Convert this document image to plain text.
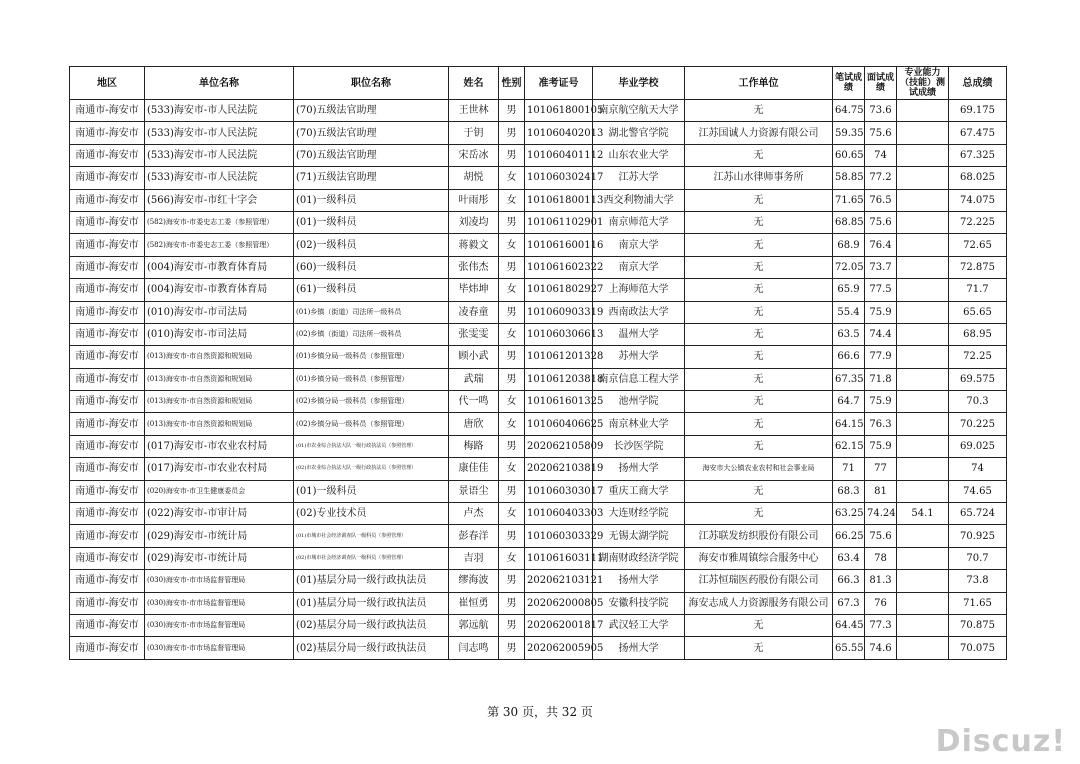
地区	单位名称	职位名称	姓名	性别	准考证号	毕业学校	工作单位	笔试成绩	面试成绩	专业能力（技能）测试成绩	总成绩
南通市-海安市	(533)海安市-市人民法院	(70)五级法官助理	王世林	男	101061800105	南京航空航天大学	无	64.75	73.6		69.175
南通市-海安市	(533)海安市-市人民法院	(70)五级法官助理	于钥	男	101060402013	湖北警官学院	江苏国诚人力资源有限公司	59.35	75.6		67.475
南通市-海安市	(533)海安市-市人民法院	(70)五级法官助理	宋岳冰	男	101060401112	山东农业大学	无	60.65	74		67.325
南通市-海安市	(533)海安市-市人民法院	(71)五级法官助理	胡悦	女	101060302417	江苏大学	江苏山水律师事务所	58.85	77.2		68.025
南通市-海安市	(566)海安市-市红十字会	(01)一级科员	叶雨彤	女	101061800113	西交利物浦大学	无	71.65	76.5		74.075
南通市-海安市	(582)海安市-市委史志工委（参照管理）	(01)一级科员	刘凌均	男	101061102901	南京师范大学	无	68.85	75.6		72.225
南通市-海安市	(582)海安市-市委史志工委（参照管理）	(02)一级科员	蒋毅文	女	101061600116	南京大学	无	68.9	76.4		72.65
南通市-海安市	(004)海安市-市教育体育局	(60)一级科员	张伟杰	男	101061602322	南京大学	无	72.05	73.7		72.875
南通市-海安市	(004)海安市-市教育体育局	(61)一级科员	毕炜坤	女	101061802927	上海师范大学	无	65.9	77.5		71.7
南通市-海安市	(010)海安市-市司法局	(01)乡镇（街道）司法所一级科员	凌春童	男	101060903319	西南政法大学	无	55.4	75.9		65.65
南通市-海安市	(010)海安市-市司法局	(02)乡镇（街道）司法所一级科员	张雯雯	女	101060306613	温州大学	无	63.5	74.4		68.95
南通市-海安市	(013)海安市-市自然资源和规划局	(01)乡镇分局一级科员（参照管理）	顾小武	男	101061201328	苏州大学	无	66.6	77.9		72.25
南通市-海安市	(013)海安市-市自然资源和规划局	(01)乡镇分局一级科员（参照管理）	武瑞	男	101061203818	南京信息工程大学	无	67.35	71.8		69.575
南通市-海安市	(013)海安市-市自然资源和规划局	(02)乡镇分局一级科员（参照管理）	代一鸣	女	101061601325	池州学院	无	64.7	75.9		70.3
南通市-海安市	(013)海安市-市自然资源和规划局	(02)乡镇分局一级科员（参照管理）	唐欣	女	101060406625	南京林业大学	无	64.15	76.3		70.225
南通市-海安市	(017)海安市-市农业农村局	(01)市农业综合执法大队一级行政执法员（参照管理）	梅路	男	202062105809	长沙医学院	无	62.15	75.9		69.025
南通市-海安市	(017)海安市-市农业农村局	(02)市农业综合执法大队一级行政执法员（参照管理）	康佳佳	女	202062103819	扬州大学	海安市大公镇农业农村和社会事业局	71	77		74
南通市-海安市	(020)海安市-市卫生健康委员会	(01)一级科员	景语尘	男	101060303017	重庆工商大学	无	68.3	81		74.65
南通市-海安市	(022)海安市-市审计局	(02)专业技术员	卢杰	女	101060403303	大连财经学院	无	63.25	74.24	54.1	65.724
南通市-海安市	(029)海安市-市统计局	(01)市城市社会经济调查队一级科员（参照管理）	彭春洋	男	101060303329	无锡太湖学院	江苏联发纺织股份有限公司	66.25	75.6		70.925
南通市-海安市	(029)海安市-市统计局	(02)市城市社会经济调查队一级科员（参照管理）	吉羽	女	101061603111	湖南财政经济学院	海安市雅周镇综合服务中心	63.4	78		70.7
南通市-海安市	(030)海安市-市市场监督管理局	(01)基层分局一级行政执法员	缪海波	男	202062103121	扬州大学	江苏恒瑞医药股份有限公司	66.3	81.3		73.8
南通市-海安市	(030)海安市-市市场监督管理局	(01)基层分局一级行政执法员	崔恒勇	男	202062000805	安徽科技学院	海安志成人力资源服务有限公司	67.3	76		71.65
南通市-海安市	(030)海安市-市市场监督管理局	(02)基层分局一级行政执法员	郭远航	男	202062001817	武汉轻工大学	无	64.45	77.3		70.875
南通市-海安市	(030)海安市-市市场监督管理局	(02)基层分局一级行政执法员	闫志鸣	男	202062005905	扬州大学	无	65.55	74.6		70.075
第 30 页，共 32 页
Discuz!
